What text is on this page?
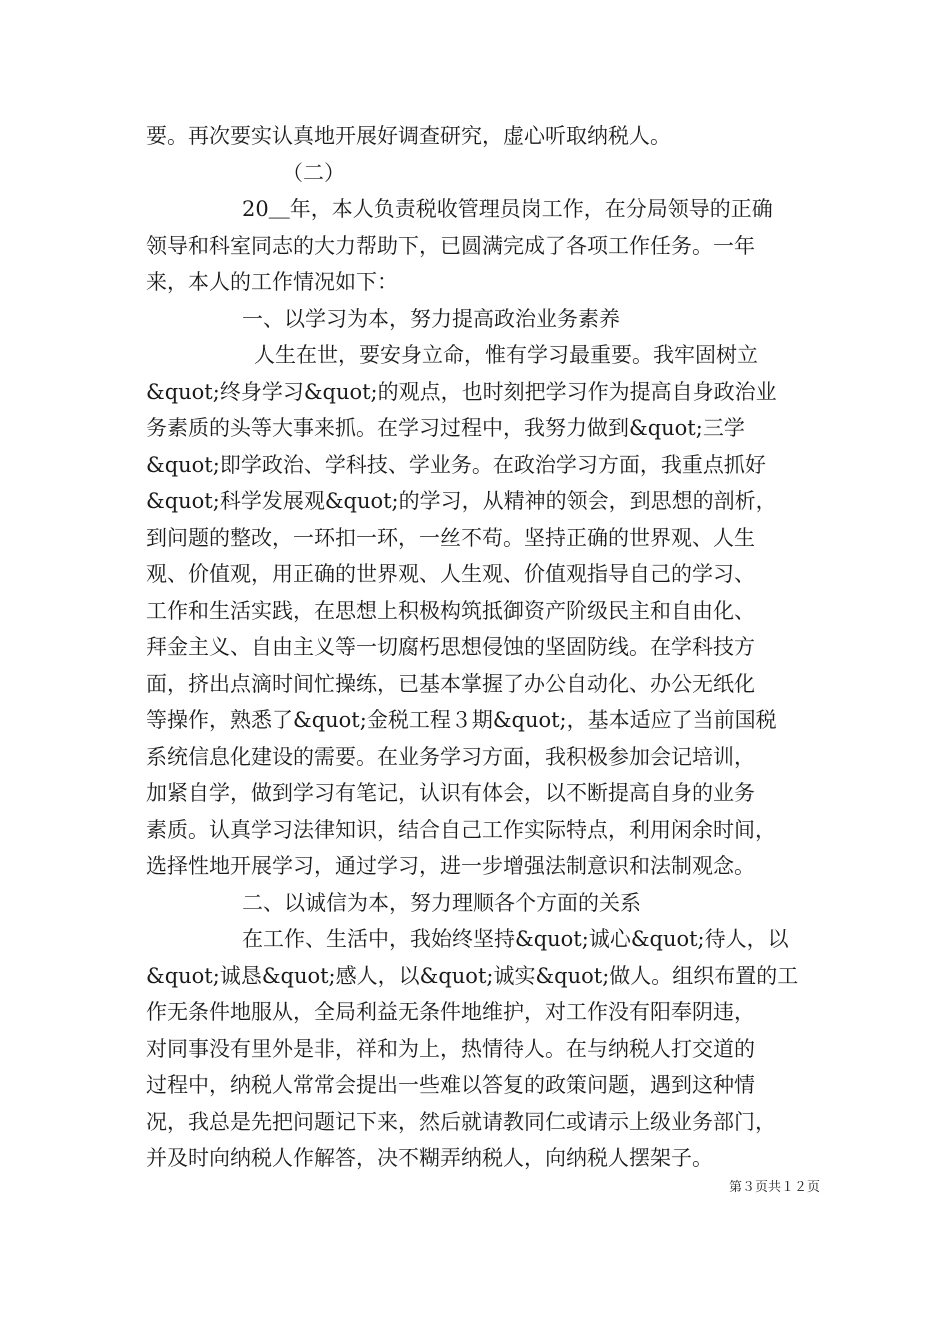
要。再次要实认真地开展好调查研究，虚心听取纳税人。
（二）
20＿年，本人负责税收管理员岗工作，在分局领导的正确
领导和科室同志的大力帮助下，已圆满完成了各项工作任务。一年
来，本人的工作情况如下：
一、以学习为本，努力提高政治业务素养
人生在世，要安身立命，惟有学习最重要。我牢固树立
&quot;终身学习&quot;的观点，也时刻把学习作为提高自身政治业
务素质的头等大事来抓。在学习过程中，我努力做到&quot;三学
&quot;即学政治、学科技、学业务。在政治学习方面，我重点抓好
&quot;科学发展观&quot;的学习，从精神的领会，到思想的剖析，
到问题的整改，一环扣一环，一丝不苟。坚持正确的世界观、人生
观、价值观，用正确的世界观、人生观、价值观指导自己的学习、
工作和生活实践，在思想上积极构筑抵御资产阶级民主和自由化、
拜金主义、自由主义等一切腐朽思想侵蚀的坚固防线。在学科技方
面，挤出点滴时间忙操练，已基本掌握了办公自动化、办公无纸化
等操作，熟悉了&quot;金税工程３期&quot;，基本适应了当前国税
系统信息化建设的需要。在业务学习方面，我积极参加会记培训，
加紧自学，做到学习有笔记，认识有体会，以不断提高自身的业务
素质。认真学习法律知识，结合自己工作实际特点，利用闲余时间，
选择性地开展学习，通过学习，进一步增强法制意识和法制观念。
二、以诚信为本，努力理顺各个方面的关系
在工作、生活中，我始终坚持&quot;诚心&quot;待人，以
&quot;诚恳&quot;感人，以&quot;诚实&quot;做人。组织布置的工
作无条件地服从，全局利益无条件地维护，对工作没有阳奉阴违，
对同事没有里外是非，祥和为上，热情待人。在与纳税人打交道的
过程中，纳税人常常会提出一些难以答复的政策问题，遇到这种情
况，我总是先把问题记下来，然后就请教同仁或请示上级业务部门，
并及时向纳税人作解答，决不糊弄纳税人，向纳税人摆架子。
第３页共１２页
